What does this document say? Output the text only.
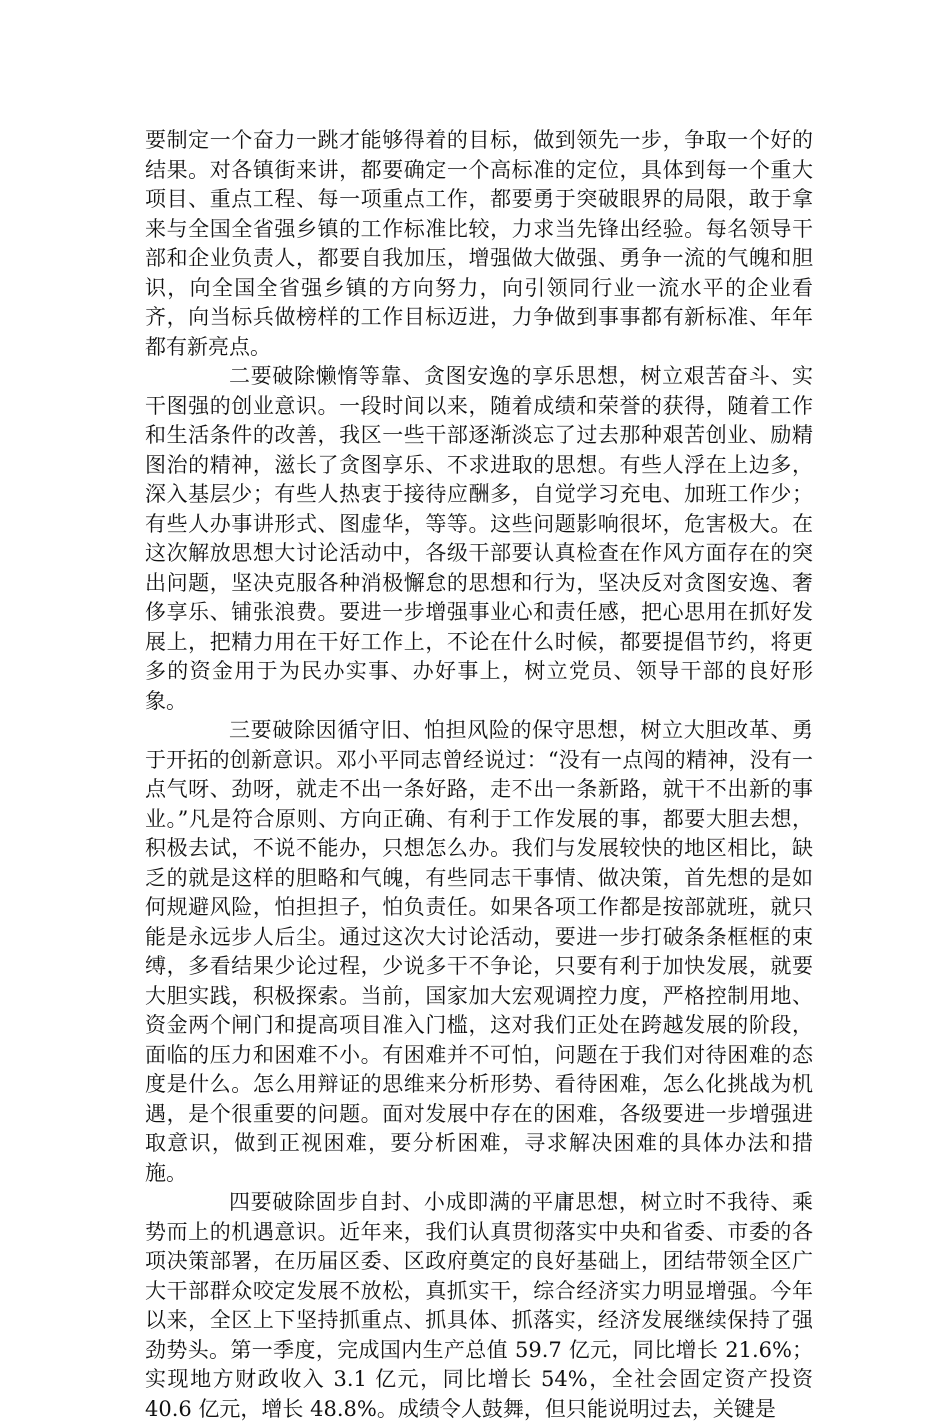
要制定一个奋力一跳才能够得着的目标，做到领先一步，争取一个好的结果。对各镇街来讲，都要确定一个高标准的定位，具体到每一个重大项目、重点工程、每一项重点工作，都要勇于突破眼界的局限，敢于拿来与全国全省强乡镇的工作标准比较，力求当先锋出经验。每名领导干部和企业负责人，都要自我加压，增强做大做强、勇争一流的气魄和胆识，向全国全省强乡镇的方向努力，向引领同行业一流水平的企业看齐，向当标兵做榜样的工作目标迈进，力争做到事事都有新标准、年年都有新亮点。

二要破除懒惰等靠、贪图安逸的享乐思想，树立艰苦奋斗、实干图强的创业意识。一段时间以来，随着成绩和荣誉的获得，随着工作和生活条件的改善，我区一些干部逐渐淡忘了过去那种艰苦创业、励精图治的精神，滋长了贪图享乐、不求进取的思想。有些人浮在上边多，深入基层少；有些人热衷于接待应酬多，自觉学习充电、加班工作少；有些人办事讲形式、图虚华，等等。这些问题影响很坏，危害极大。在这次解放思想大讨论活动中，各级干部要认真检查在作风方面存在的突出问题，坚决克服各种消极懈怠的思想和行为，坚决反对贪图安逸、奢侈享乐、铺张浪费。要进一步增强事业心和责任感，把心思用在抓好发展上，把精力用在干好工作上，不论在什么时候，都要提倡节约，将更多的资金用于为民办实事、办好事上，树立党员、领导干部的良好形象。

三要破除因循守旧、怕担风险的保守思想，树立大胆改革、勇于开拓的创新意识。邓小平同志曾经说过：“没有一点闯的精神，没有一点气呀、劲呀，就走不出一条好路，走不出一条新路，就干不出新的事业。”凡是符合原则、方向正确、有利于工作发展的事，都要大胆去想，积极去试，不说不能办，只想怎么办。我们与发展较快的地区相比，缺乏的就是这样的胆略和气魄，有些同志干事情、做决策，首先想的是如何规避风险，怕担担子，怕负责任。如果各项工作都是按部就班，就只能是永远步人后尘。通过这次大讨论活动，要进一步打破条条框框的束缚，多看结果少论过程，少说多干不争论，只要有利于加快发展，就要大胆实践，积极探索。当前，国家加大宏观调控力度，严格控制用地、资金两个闸门和提高项目准入门槛，这对我们正处在跨越发展的阶段，面临的压力和困难不小。有困难并不可怕，问题在于我们对待困难的态度是什么。怎么用辩证的思维来分析形势、看待困难，怎么化挑战为机遇，是个很重要的问题。面对发展中存在的困难，各级要进一步增强进取意识，做到正视困难，要分析困难，寻求解决困难的具体办法和措施。

四要破除固步自封、小成即满的平庸思想，树立时不我待、乘势而上的机遇意识。近年来，我们认真贯彻落实中央和省委、市委的各项决策部署，在历届区委、区政府奠定的良好基础上，团结带领全区广大干部群众咬定发展不放松，真抓实干，综合经济实力明显增强。今年以来，全区上下坚持抓重点、抓具体、抓落实，经济发展继续保持了强劲势头。第一季度，完成国内生产总值 59.7 亿元，同比增长 21.6%；实现地方财政收入 3.1 亿元，同比增长 54%，全社会固定资产投资 40.6 亿元，增长 48.8%。成绩令人鼓舞，但只能说明过去，关键是
